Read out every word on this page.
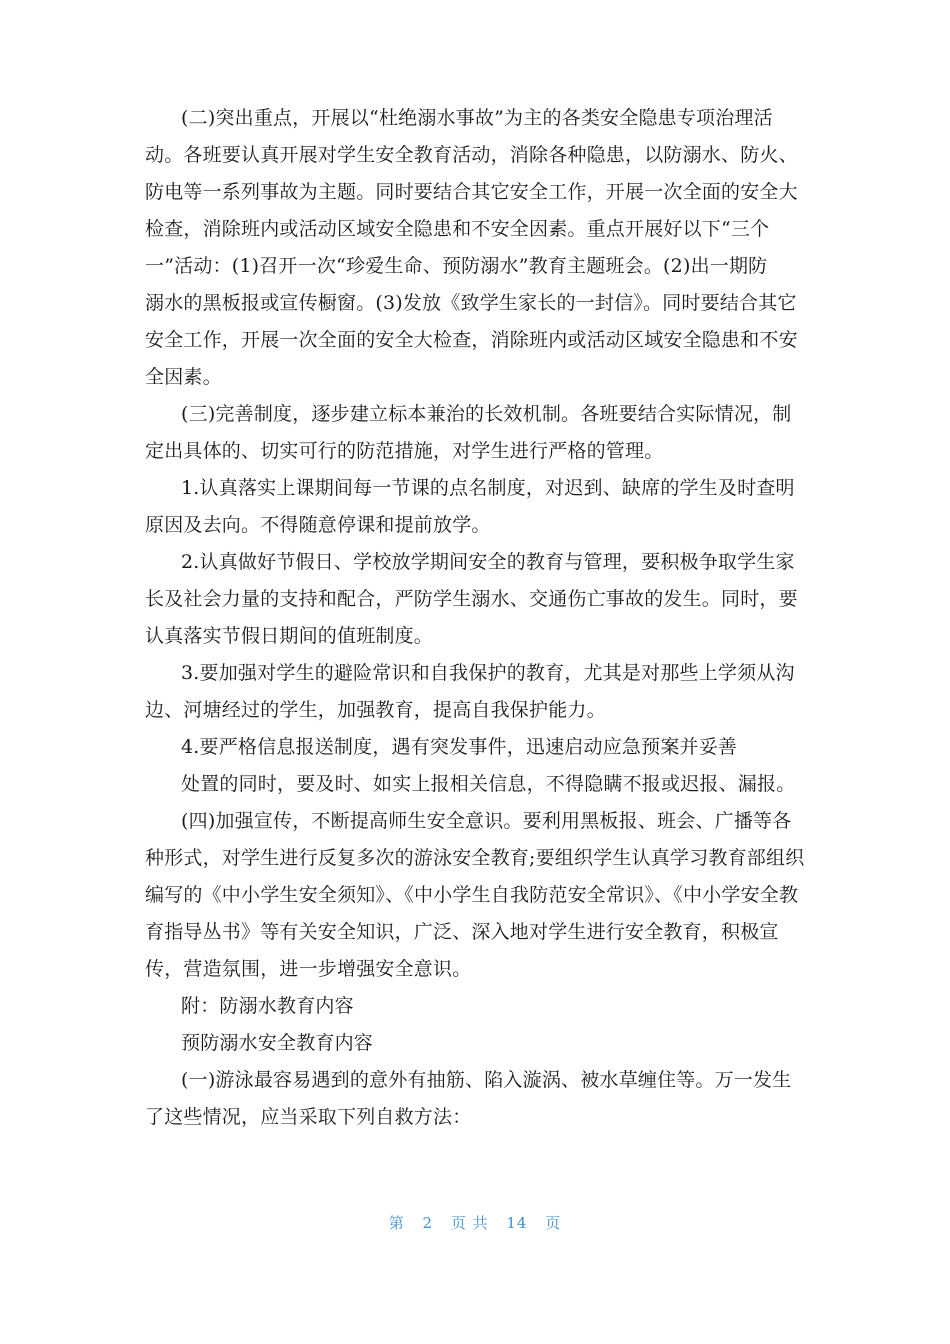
(二)突出重点，开展以“杜绝溺水事故”为主的各类安全隐患专项治理活
动。各班要认真开展对学生安全教育活动，消除各种隐患，以防溺水、防火、
防电等一系列事故为主题。同时要结合其它安全工作，开展一次全面的安全大
检查，消除班内或活动区域安全隐患和不安全因素。重点开展好以下“三个
一”活动：(1)召开一次“珍爱生命、预防溺水”教育主题班会。(2)出一期防
溺水的黑板报或宣传橱窗。(3)发放《致学生家长的一封信》。同时要结合其它
安全工作，开展一次全面的安全大检查，消除班内或活动区域安全隐患和不安
全因素。
(三)完善制度，逐步建立标本兼治的长效机制。各班要结合实际情况，制
定出具体的、切实可行的防范措施，对学生进行严格的管理。
1.认真落实上课期间每一节课的点名制度，对迟到、缺席的学生及时查明
原因及去向。不得随意停课和提前放学。
2.认真做好节假日、学校放学期间安全的教育与管理，要积极争取学生家
长及社会力量的支持和配合，严防学生溺水、交通伤亡事故的发生。同时，要
认真落实节假日期间的值班制度。
3.要加强对学生的避险常识和自我保护的教育，尤其是对那些上学须从沟
边、河塘经过的学生，加强教育，提高自我保护能力。
4.要严格信息报送制度，遇有突发事件，迅速启动应急预案并妥善
处置的同时，要及时、如实上报相关信息，不得隐瞒不报或迟报、漏报。
(四)加强宣传，不断提高师生安全意识。要利用黑板报、班会、广播等各
种形式，对学生进行反复多次的游泳安全教育;要组织学生认真学习教育部组织
编写的《中小学生安全须知》、《中小学生自我防范安全常识》、《中小学安全教
育指导丛书》等有关安全知识，广泛、深入地对学生进行安全教育，积极宣
传，营造氛围，进一步增强安全意识。
附：防溺水教育内容
预防溺水安全教育内容
(一)游泳最容易遇到的意外有抽筋、陷入漩涡、被水草缠住等。万一发生
了这些情况，应当采取下列自救方法：
第 2 页 共 14 页
